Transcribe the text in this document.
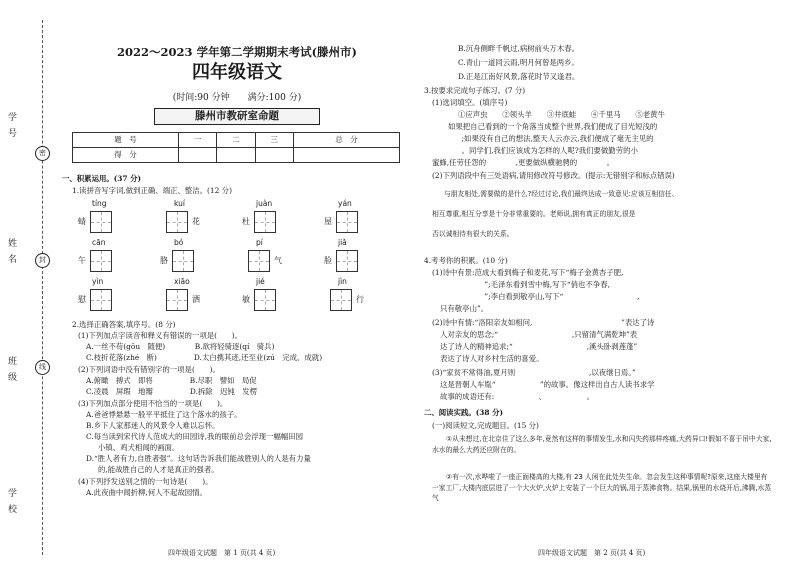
学 号
姓 名
班 级
学 校
密
封
线
2022～2023 学年第二学期期末考试(滕州市)
四年级语文
(时间:90 分钟　　满分:100 分)
滕州市教研室命题
题　号	一	二	三	总　分
得　分				
一、积累运用。(37 分)
1.读拼音写字词,做到正确、端正、整洁。(12 分)
tíng
蜻
kuí
花
juàn
杜
yán
屋
cān
午
bó
胳
pí
气
jiǎ
脸
yìn
慰
xiāo
洒
jié
敏
jìn
行
2.选择正确答案,填序号。(8 分)
(1)下列加点字读音和释义有错误的一项是(　　)。
A.一丝不苟(gǒu　随便)　　　　B.欲将轻骑逐(qí　骑兵)
C.枝折花落(zhé　断)　　　　　D.太白携其迹,还至业(zú　完成、成就)
(2)下列词语中没有错别字的一项是(　　)。
A.俯瞰　搏式　即将　　　　　B.尽职　譬如　局促
C.凌晨　屏瑕　地瓣　　　　　D.拆除　迟钝　发楞
(3)下列加点部分使用不恰当的一项是(　　)。
A.爸爸悸悬悬一般平平抵住了这个落水的孩子。
B.乡下人家那迷人的风景令人难以忘怀。
C.每当读到宋代诗人范成大的田园诗,我的眼前总会浮现一幅幅田园
小镇、鸡犬相闻的画面。
D.“胜人者有力,自胜者强”。这句话告诉我们能战胜别人的人是有力量
的,能战胜自己的人才是真正的强者。
(4)下列抒发送别之情的一句诗是(　　)。
A.此夜曲中闻折柳,何人不起故园情。
四年级语文试题　第 1 页(共 4 页)
B.沉舟侧畔千帆过,病树前头万木春。
C.青山一道同云雨,明月何曾是两乡。
D.正是江南好风景,落花时节又逢君。
3.按要求完成句子练习。(7 分)
(1)选词填空。(填序号)
①应声虫　　②领头羊　　③井底蛙　　④千里马　　⑤老黄牛
如果把自己看到的一个角落当成整个世界,我们便成了目光短浅的
　　　　;如果没有自己的想法,整天人云亦云,我们便成了毫无主见的
　　　　。同学们,我们应该成为怎样的人呢?我们要做勤劳的小
蜜蜂,任劳任怨的　　　　,更要做纵横驰骋的　　　　。
(2)下列语段中有三处语病,请用修改符号修改。(提示:无错别字和标点错误)
与朋友相处,需要做的是什么?经过讨论,我们最终达成一致意见:应该互相信任、
相互尊重,相互分享是十分非常重要的。老师说,拥有真正的朋友,很是
否以诚相待有很大的关系。
4.考考你的积累。(10 分)
(1)诗中有景:范成大看到梅子和麦花,写下“梅子金黄杏子肥,
　　　　　　”;毛泽东看到雪中梅,写下“俏也不争春,
　　　　　　”;李白看到敬亭山,写下“　　　　　　　　　　,
只有敬亭山”。
(2)诗中有情:“洛阳亲友如相问,　　　　　　　　　　　　”表达了诗
人对亲友的思念;“　　　　　　　　　　,只留清气满乾坤”表
达了诗人的精神追求;“　　　　　　　　　　,溪头卧剥莲蓬”
表达了诗人对乡村生活的喜爱。
(3)“家贫不常得油,夏月则　　　　　　　　　　,以夜继日焉。”
这是晋朝人车胤“　　　　　　”的故事。像这样出自古人读书求学
故事的成语还有:　　　　　　、　　　　　　。
二、阅读实践。(38 分)
(一)阅读短文,完成题目。(15 分)
①从未想过,在北京住了这么多年,竟然有这样的事情发生,水和闪失药那样疼痛,大药异口!假如不喜于吊中大家,水水的最么大药还应附在的。
②有一次,水哗啦了一座正面楼高的大楼,有 23 人闲在此处失生命。忽会发生这种事情呢?原来,这座大楼里有一家工厂,大楼内底层进了一个大火炉,火炉上安装了一个巨大的锅,用于蒸沸食物。结果,锅里的水烧开后,沸腾,水蒸气
四年级语文试题　第 2 页(共 4 页)
